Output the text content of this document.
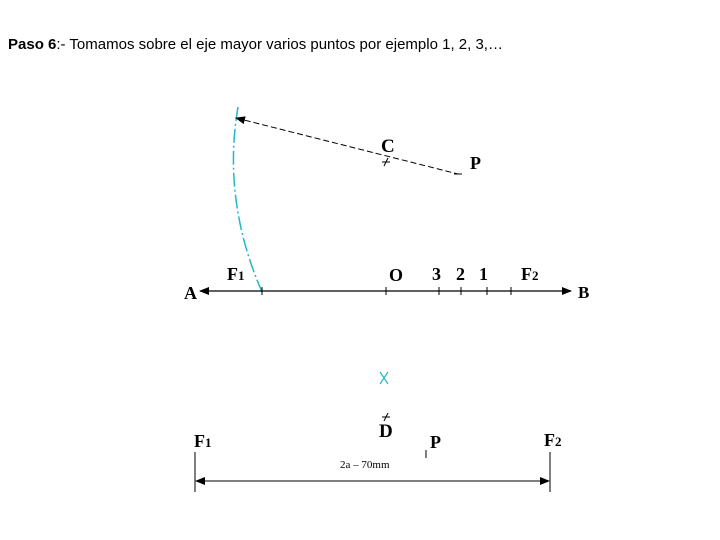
Paso 6:- Tomamos sobre el eje mayor varios puntos por ejemplo 1, 2, 3,…
A	B
F1	F2
O 3 2 1
C
P
F1	F2
D P
2a – 70mm
